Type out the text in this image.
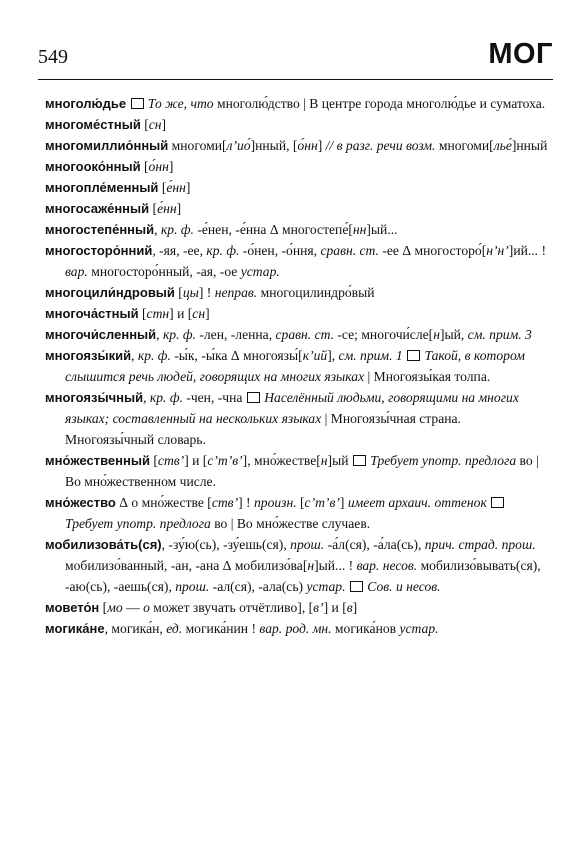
549	МОГ

многолю́дье  То же, что многолю́дство | В центре города многолю́дье и суматоха.

многоме́стный [сн]

многомиллио́нный многоми[л’ио́]нный, [о́нн] // в разг. речи возм. многоми[лье́]нный

многооко́нный [о́нн]

многопле́менный [е́нн]

многосаже́нный [е́нн]

многостепе́нный, кр. ф. -е́нен, -е́нна Δ многостепе́[нн]ый...

многосторо́нний, -яя, -ее, кр. ф. -о́нен, -о́ння, сравн. ст. -ее Δ многосторо́[н’н’]ий... ! вар. многосторо́нный, -ая, -ое устар.

многоцили́ндровый [цы] ! неправ. многоцилиндро́вый

многоча́стный [стн] и [сн]

многочи́сленный, кр. ф. -лен, -ленна, сравн. ст. -се; многочи́сле[н]ый, см. прим. 3

многоязы́кий, кр. ф. -ы́к, -ы́ка Δ многоязы́[к’ий], см. прим. 1  Такой, в котором слышится речь людей, говорящих на многих языках | Многоязы́кая толпа.

многоязы́чный, кр. ф. -чен, -чна  Населённый людьми, говорящими на многих языках; составленный на нескольких языках | Многоязы́чная страна. Многоязы́чный словарь.

мно́жественный [ств’] и [с’т’в’], мно́жестве[н]ый  Требует употр. предлога во | Во мно́жественном числе.

мно́жество Δ о мно́жестве [ств’] ! произн. [с’т’в’] имеет архаич. оттенок  Требует употр. предлога во | Во мно́жестве случаев.

мобилизова́ть(ся), -зу́ю(сь), -зу́ешь(ся), прош. -а́л(ся), -а́ла(сь), прич. страд. прош. мобилизо́ванный, -ан, -ана Δ мобилизо́ва[н]ый... ! вар. несов. мобилизо́вывать(ся), -аю(сь), -аешь(ся), прош. -ал(ся), -ала(сь) устар.  Сов. и несов.

мовето́н [мо — о может звучать отчётливо], [в’] и [в]

могика́не, могика́н, ед. могика́нин ! вар. род. мн. могика́нов устар.
